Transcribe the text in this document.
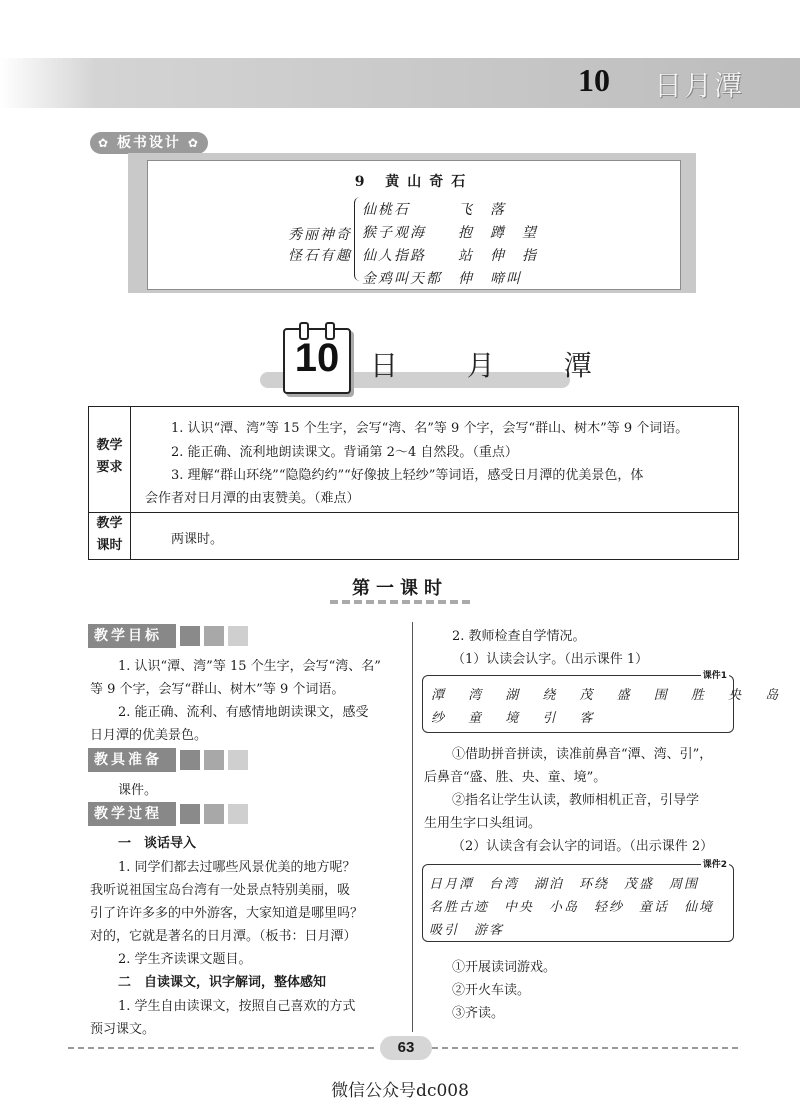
10 日月潭
✿ 板书设计 ✿
9 黄山奇石
秀丽神奇
怪石有趣
仙桃石	飞　落
猴子观海 抱　蹲　望
仙人指路 站　伸　指
金鸡叫天都 伸　啼叫
10	日 月 潭
教学
要求
1. 认识“潭、湾”等 15 个生字，会写“湾、名”等 9 个字，会写“群山、树木”等 9 个词语。
2. 能正确、流利地朗读课文。背诵第 2～4 自然段。（重点）
3. 理解“群山环绕”“隐隐约约”“好像披上轻纱”等词语，感受日月潭的优美景色，体
会作者对日月潭的由衷赞美。（难点）
教学
课时	两课时。
第一课时
教学目标
1. 认识“潭、湾”等 15 个生字，会写“湾、名”
等 9 个字，会写“群山、树木”等 9 个词语。
2. 能正确、流利、有感情地朗读课文，感受
日月潭的优美景色。
教具准备
课件。
教学过程
一　谈话导入
1. 同学们都去过哪些风景优美的地方呢？
我听说祖国宝岛台湾有一处景点特别美丽，吸
引了许许多多的中外游客，大家知道是哪里吗？
对的，它就是著名的日月潭。（板书：日月潭）
2. 学生齐读课文题目。
二　自读课文，识字解词，整体感知
1. 学生自由读课文，按照自己喜欢的方式
预习课文。
2. 教师检查自学情况。
（1）认读会认字。（出示课件 1）
课件1
潭 湾 湖 绕 茂 盛 围 胜 央 岛
纱 童 境 引 客
①借助拼音拼读，读准前鼻音“潭、湾、引”，
后鼻音“盛、胜、央、童、境”。
②指名让学生认读，教师相机正音，引导学
生用生字口头组词。
（2）认读含有会认字的词语。（出示课件 2）
课件2
日月潭　台湾　湖泊　环绕　茂盛　周围
名胜古迹　中央　小岛　轻纱　童话　仙境
吸引　游客
①开展读词游戏。
②开火车读。
③齐读。
63
微信公众号dc008
